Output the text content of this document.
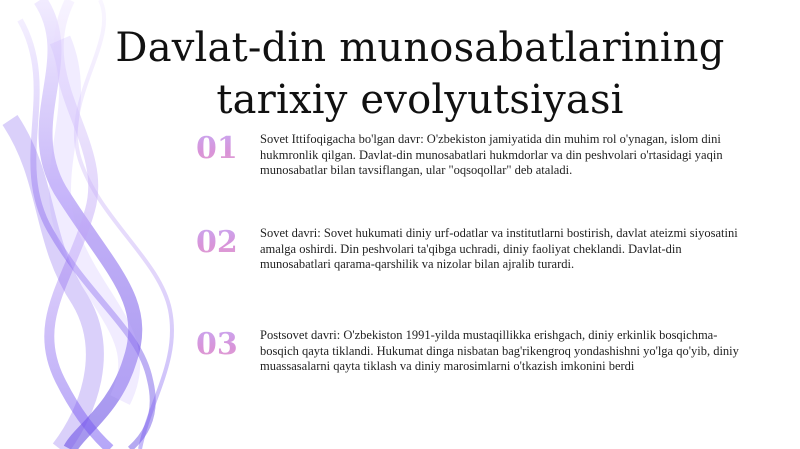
Davlat-din munosabatlarining tarixiy evolyutsiyasi
01	Sovet Ittifoqigacha bo'lgan davr: O'zbekiston jamiyatida din muhim rol o'ynagan, islom dini hukmronlik qilgan. Davlat-din munosabatlari hukmdorlar va din peshvolari o'rtasidagi yaqin munosabatlar bilan tavsiflangan, ular "oqsoqollar" deb ataladi.
02	Sovet davri: Sovet hukumati diniy urf-odatlar va institutlarni bostirish, davlat ateizmi siyosatini amalga oshirdi. Din peshvolari ta'qibga uchradi, diniy faoliyat cheklandi. Davlat-din munosabatlari qarama-qarshilik va nizolar bilan ajralib turardi.
03	Postsovet davri: O'zbekiston 1991-yilda mustaqillikka erishgach, diniy erkinlik bosqichma-bosqich qayta tiklandi. Hukumat dinga nisbatan bag'rikengroq yondashishni yo'lga qo'yib, diniy muassasalarni qayta tiklash va diniy marosimlarni o'tkazish imkonini berdi
